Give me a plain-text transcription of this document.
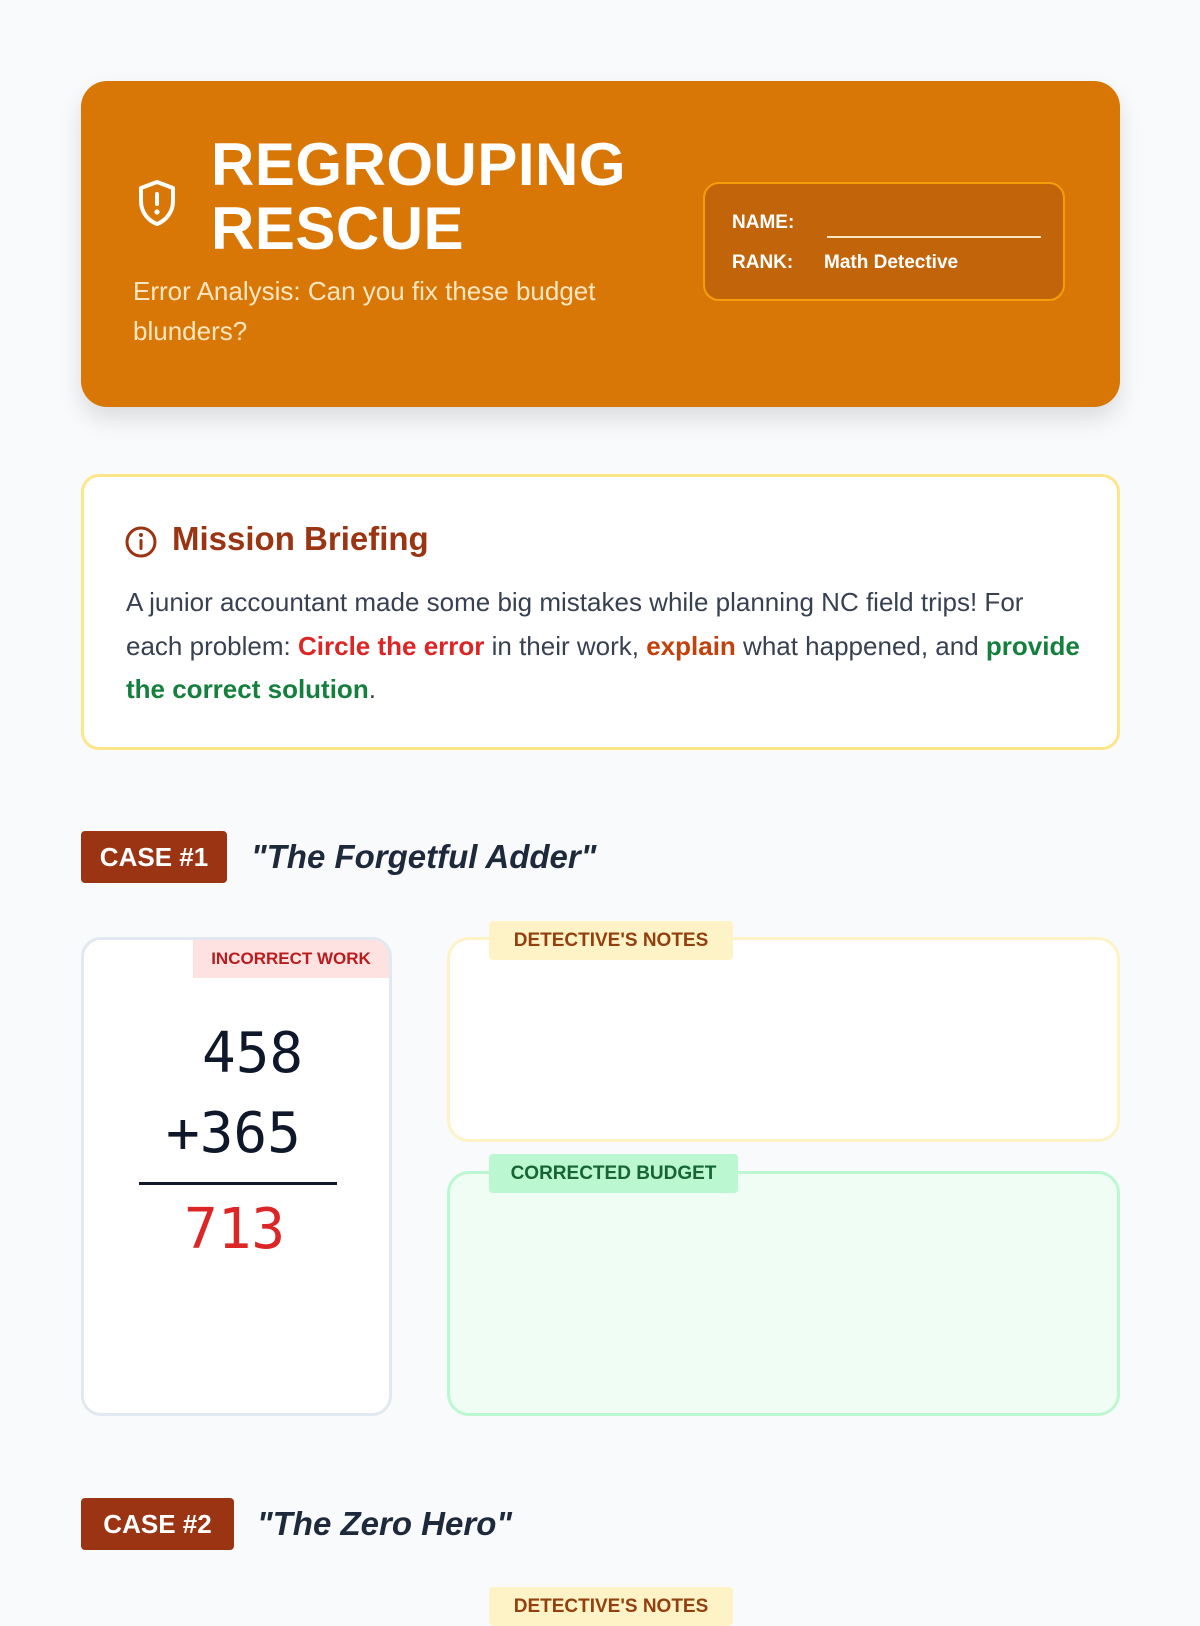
REGROUPING
RESCUE
Error Analysis: Can you fix these budget blunders?
NAME:
RANK: Math Detective
Mission Briefing

A junior accountant made some big mistakes while planning NC field trips! For each problem: Circle the error in their work, explain what happened, and provide the correct solution.

CASE #1	"The Forgetful Adder"
INCORRECT WORK
458
+365
713
DETECTIVE'S NOTES
CORRECTED BUDGET
CASE #2	"The Zero Hero"
DETECTIVE'S NOTES
